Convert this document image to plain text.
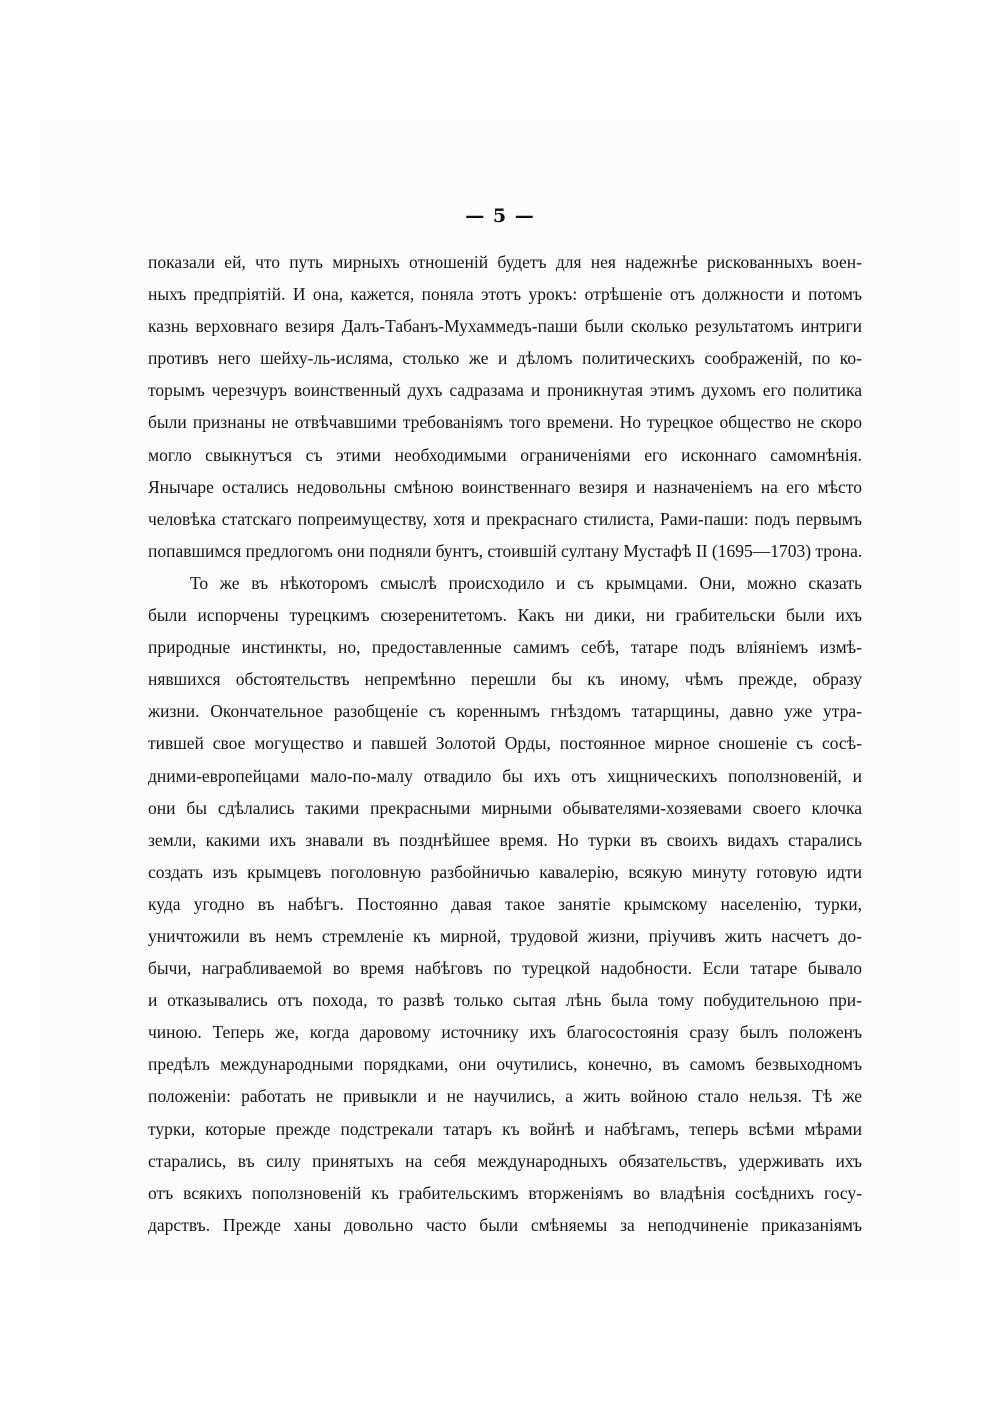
— 5 —
показали ей, что путь мирныхъ отношеній будетъ для нея надежнѣе рискованныхъ воен-
ныхъ предпріятій. И она, кажется, поняла этотъ урокъ: отрѣшеніе отъ должности и потомъ
казнь верховнаго везиря Далъ-Табанъ-Мухаммедъ-паши были сколько результатомъ интриги
противъ него шейху-ль-исляма, столько же и дѣломъ политическихъ соображеній, по ко-
торымъ черезчуръ воинственный духъ садразама и проникнутая этимъ духомъ его политика
были признаны не отвѣчавшими требованіямъ того времени. Но турецкое общество не скоро
могло свыкнутъся съ этими необходимыми ограниченіями его исконнаго самомнѣнія.
Янычаре остались недовольны смѣною воинственнаго везиря и назначеніемъ на его мѣсто
человѣка статскаго попреимуществу, хотя и прекраснаго стилиста, Рами-паши: подъ первымъ
попавшимся предлогомъ они подняли бунтъ, стоившій султану Мустафѣ II (1695—1703) трона.
То же въ нѣкоторомъ смыслѣ происходило и съ крымцами. Они, можно сказать
были испорчены турецкимъ сюзеренитетомъ. Какъ ни дики, ни грабительски были ихъ
природные инстинкты, но, предоставленные самимъ себѣ, татаре подъ вліяніемъ измѣ-
нявшихся обстоятельствъ непремѣнно перешли бы къ иному, чѣмъ прежде, образу
жизни. Окончательное разобщеніе съ кореннымъ гнѣздомъ татарщины, давно уже утра-
тившей свое могущество и павшей Золотой Орды, постоянное мирное сношеніе съ сосѣ-
дними-европейцами мало-по-малу отвадило бы ихъ отъ хищническихъ поползновеній, и
они бы сдѣлались такими прекрасными мирными обывателями-хозяевами своего клочка
земли, какими ихъ знавали въ позднѣйшее время. Но турки въ своихъ видахъ старались
создать изъ крымцевъ поголовную разбойничью кавалерію, всякую минуту готовую идти
куда угодно въ набѣгъ. Постоянно давая такое занятіе крымскому населенію, турки,
уничтожили въ немъ стремленіе къ мирной, трудовой жизни, пріучивъ жить насчетъ до-
бычи, награбливаемой во время набѣговъ по турецкой надобности. Если татаре бывало
и отказывались отъ похода, то развѣ только сытая лѣнь была тому побудительною при-
чиною. Теперь же, когда даровому источнику ихъ благосостоянія сразу былъ положенъ
предѣлъ международными порядками, они очутились, конечно, въ самомъ безвыходномъ
положеніи: работать не привыкли и не научились, а жить войною стало нельзя. Тѣ же
турки, которые прежде подстрекали татаръ къ войнѣ и набѣгамъ, теперь всѣми мѣрами
старались, въ силу принятыхъ на себя международныхъ обязательствъ, удерживать ихъ
отъ всякихъ поползновеній къ грабительскимъ вторженіямъ во владѣнія сосѣднихъ госу-
дарствъ. Прежде ханы довольно часто были смѣняемы за неподчиненіе приказаніямъ
